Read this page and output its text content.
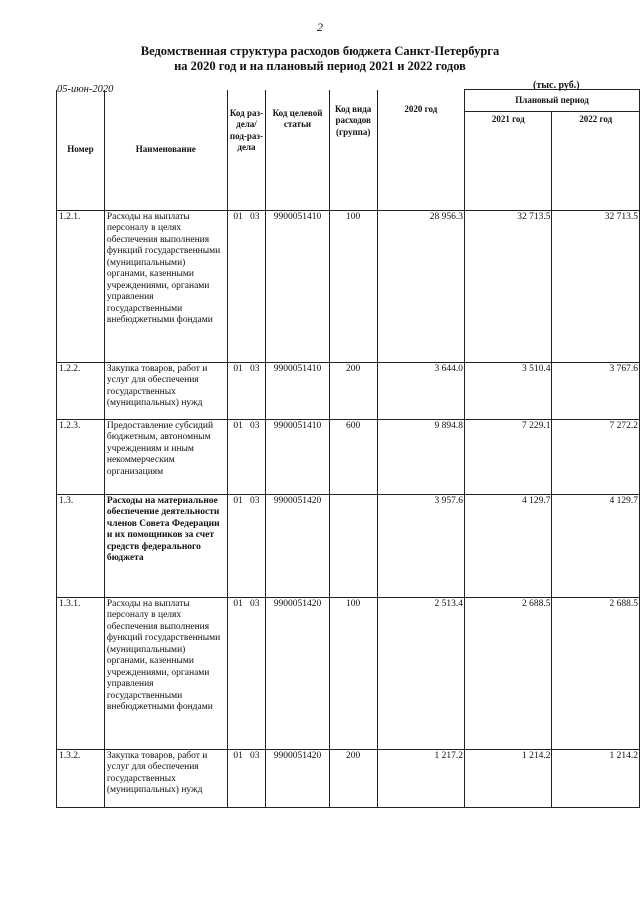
2
Ведомственная структура расходов бюджета Санкт-Петербурга
на 2020 год и на плановый период 2021 и 2022 годов
05-июн-2020	(тыс. руб.)
Номер	Наименование	Код раз-дела/ под-раз-дела	Код целевой статьи	Код вида расходов (группа)	2020 год	Плановый период	
						2021 год	2022 год
1.2.1.	Расходы на выплаты персоналу в целях обеспечения выполнения функций государственными (муниципальными) органами, казенными учреждениями, органами управления государственными внебюджетными фондами	01 03	9900051410	100	28 956.3	32 713.5	32 713.5
1.2.2.	Закупка товаров, работ и услуг для обеспечения государственных (муниципальных) нужд	01 03	9900051410	200	3 644.0	3 510.4	3 767.6
1.2.3.	Предоставление субсидий бюджетным, автономным учреждениям и иным некоммерческим организациям	01 03	9900051410	600	9 894.8	7 229.1	7 272.2
1.3.	Расходы на материальное обеспечение деятельности членов Совета Федерации и их помощников за счет средств федерального бюджета	01 03	9900051420		3 957.6	4 129.7	4 129.7
1.3.1.	Расходы на выплаты персоналу в целях обеспечения выполнения функций государственными (муниципальными) органами, казенными учреждениями, органами управления государственными внебюджетными фондами	01 03	9900051420	100	2 513.4	2 688.5	2 688.5
1.3.2.	Закупка товаров, работ и услуг для обеспечения государственных (муниципальных) нужд	01 03	9900051420	200	1 217.2	1 214.2	1 214.2
